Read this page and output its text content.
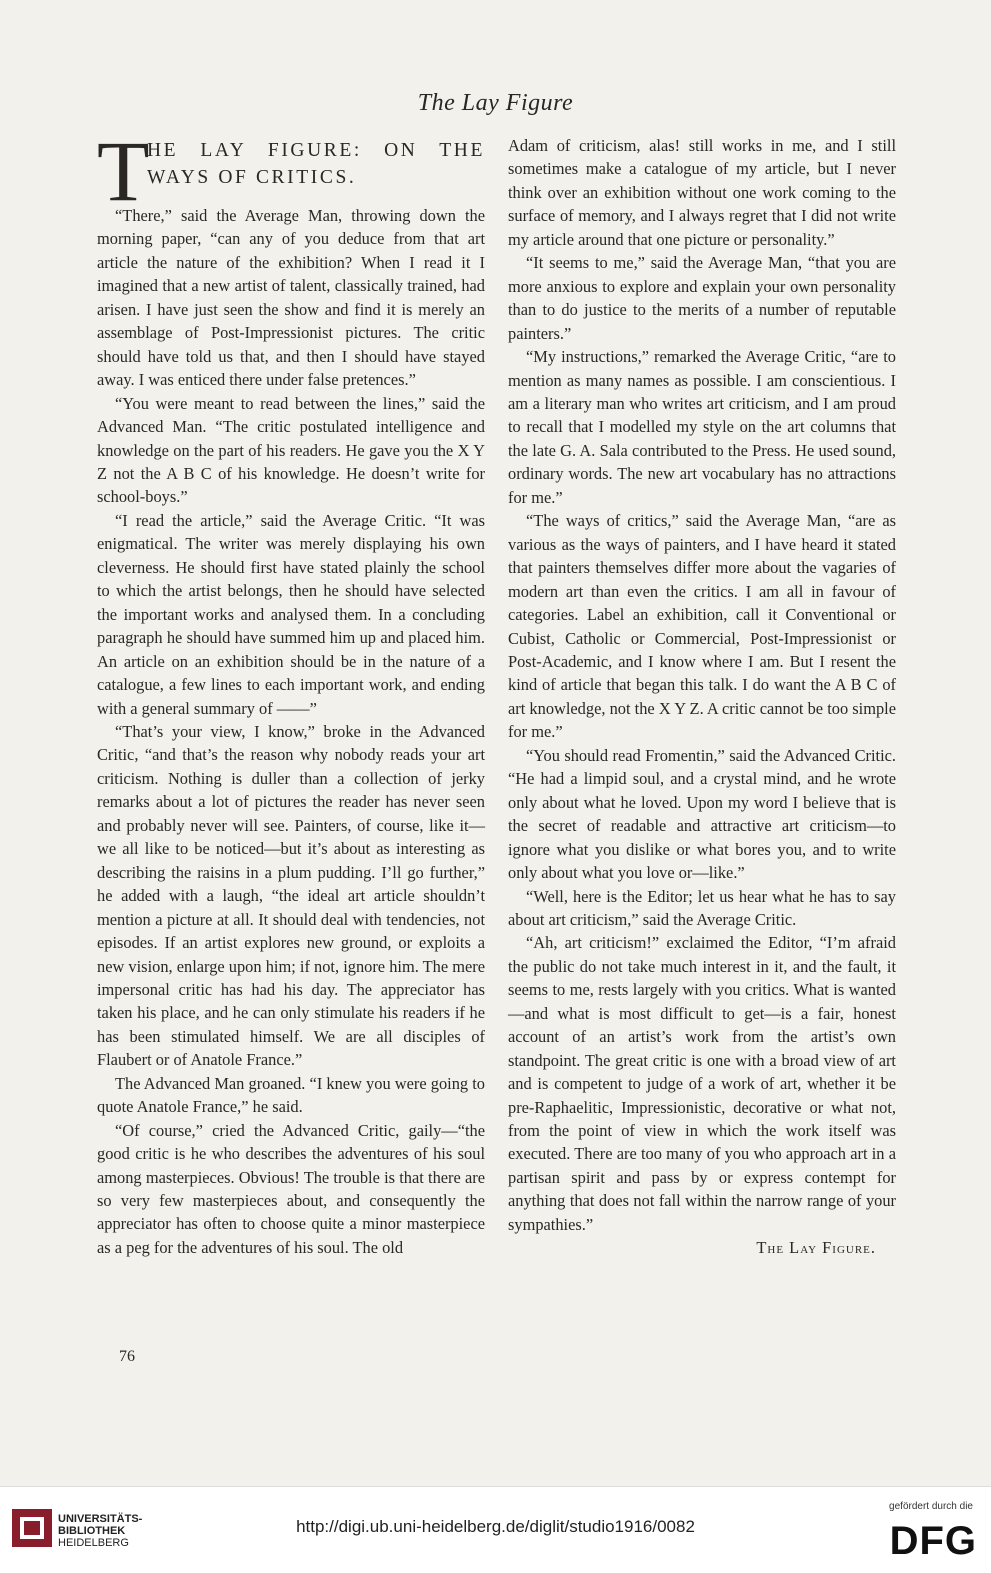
The Lay Figure
T
HE LAY FIGURE: ON THE
WAYS OF CRITICS.

“There,” said the Average Man, throwing down the morning paper, “can any of you deduce from that art article the nature of the exhibition? When I read it I imagined that a new artist of talent, classically trained, had arisen. I have just seen the show and find it is merely an assemblage of Post-Impressionist pictures. The critic should have told us that, and then I should have stayed away. I was enticed there under false pretences.”

“You were meant to read between the lines,” said the Advanced Man. “The critic postulated intelligence and knowledge on the part of his readers. He gave you the X Y Z not the A B C of his knowledge. He doesn’t write for school-boys.”

“I read the article,” said the Average Critic. “It was enigmatical. The writer was merely displaying his own cleverness. He should first have stated plainly the school to which the artist belongs, then he should have selected the important works and analysed them. In a concluding paragraph he should have summed him up and placed him. An article on an exhibition should be in the nature of a catalogue, a few lines to each important work, and ending with a general summary of ——”

“That’s your view, I know,” broke in the Advanced Critic, “and that’s the reason why nobody reads your art criticism. Nothing is duller than a collection of jerky remarks about a lot of pictures the reader has never seen and probably never will see. Painters, of course, like it—we all like to be noticed—but it’s about as interesting as describing the raisins in a plum pudding. I’ll go further,” he added with a laugh, “the ideal art article shouldn’t mention a picture at all. It should deal with tendencies, not episodes. If an artist explores new ground, or exploits a new vision, enlarge upon him; if not, ignore him. The mere impersonal critic has had his day. The appreciator has taken his place, and he can only stimulate his readers if he has been stimulated himself. We are all disciples of Flaubert or of Anatole France.”

The Advanced Man groaned. “I knew you were going to quote Anatole France,” he said.

“Of course,” cried the Advanced Critic, gaily—“the good critic is he who describes the adventures of his soul among masterpieces. Obvious! The trouble is that there are so very few masterpieces about, and consequently the appreciator has often to choose quite a minor masterpiece as a peg for the adventures of his soul. The old

Adam of criticism, alas! still works in me, and I still sometimes make a catalogue of my article, but I never think over an exhibition without one work coming to the surface of memory, and I always regret that I did not write my article around that one picture or personality.”

“It seems to me,” said the Average Man, “that you are more anxious to explore and explain your own personality than to do justice to the merits of a number of reputable painters.”

“My instructions,” remarked the Average Critic, “are to mention as many names as possible. I am conscientious. I am a literary man who writes art criticism, and I am proud to recall that I modelled my style on the art columns that the late G. A. Sala contributed to the Press. He used sound, ordinary words. The new art vocabulary has no attractions for me.”

“The ways of critics,” said the Average Man, “are as various as the ways of painters, and I have heard it stated that painters themselves differ more about the vagaries of modern art than even the critics. I am all in favour of categories. Label an exhibition, call it Conventional or Cubist, Catholic or Commercial, Post-Impressionist or Post-Academic, and I know where I am. But I resent the kind of article that began this talk. I do want the A B C of art knowledge, not the X Y Z. A critic cannot be too simple for me.”

“You should read Fromentin,” said the Advanced Critic. “He had a limpid soul, and a crystal mind, and he wrote only about what he loved. Upon my word I believe that is the secret of readable and attractive art criticism—to ignore what you dislike or what bores you, and to write only about what you love or—like.”

“Well, here is the Editor; let us hear what he has to say about art criticism,” said the Average Critic.

“Ah, art criticism!” exclaimed the Editor, “I’m afraid the public do not take much interest in it, and the fault, it seems to me, rests largely with you critics. What is wanted—and what is most difficult to get—is a fair, honest account of an artist’s work from the artist’s own standpoint. The great critic is one with a broad view of art and is competent to judge of a work of art, whether it be pre-Raphaelitic, Impressionistic, decorative or what not, from the point of view in which the work itself was executed. There are too many of you who approach art in a partisan spirit and pass by or express contempt for anything that does not fall within the narrow range of your sympathies.”

The Lay Figure.
76
UNIVERSITÄTS-
BIBLIOTHEK
HEIDELBERG
http://digi.ub.uni-heidelberg.de/diglit/studio1916/0082
gefördert durch die
DFG
